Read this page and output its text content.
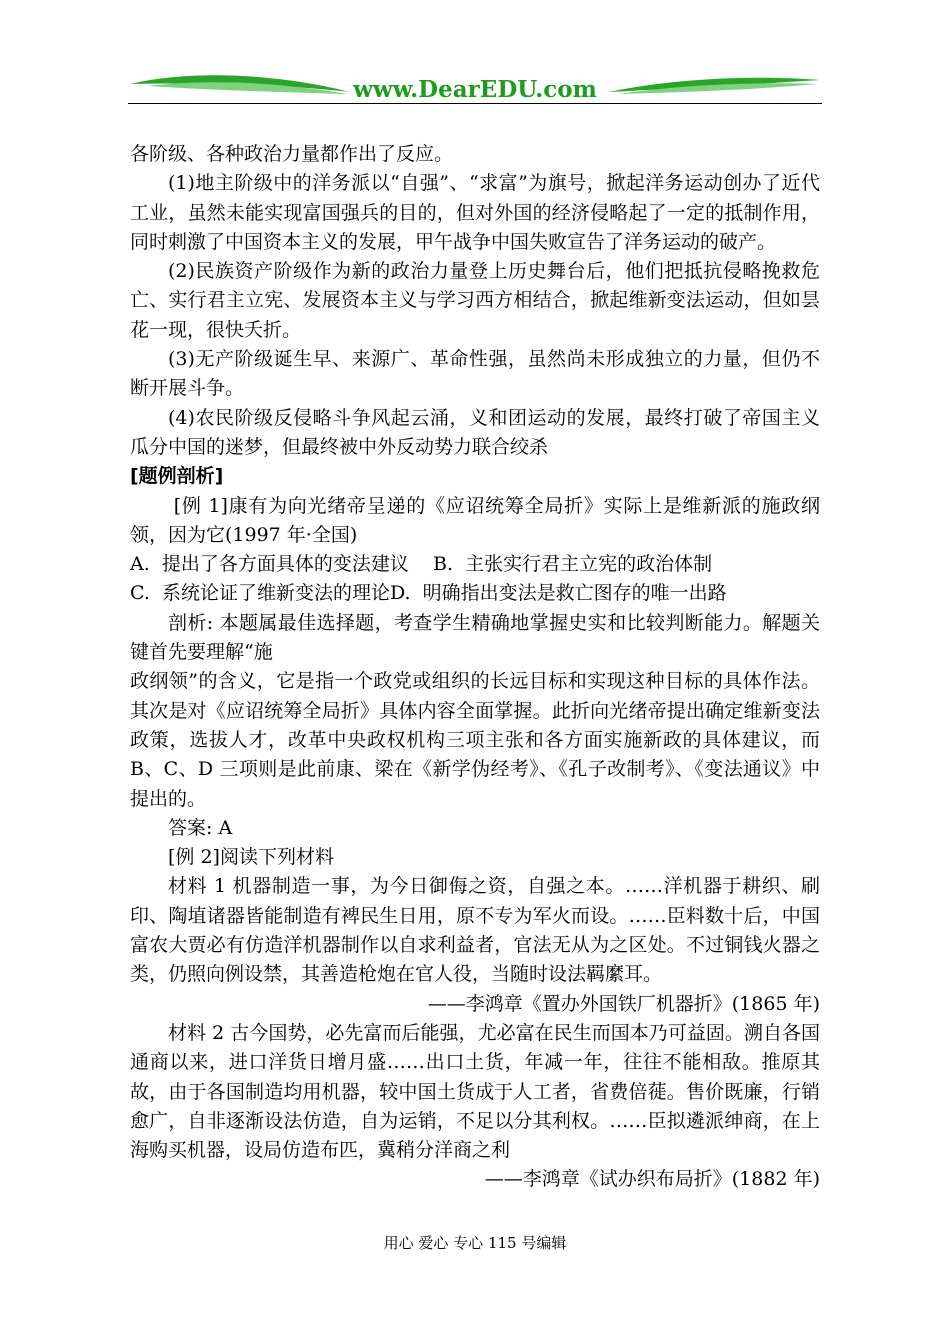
www.DearEDU.com

各阶级、各种政治力量都作出了反应。

(1)地主阶级中的洋务派以“自强”、“求富”为旗号，掀起洋务运动创办了近代工业，虽然未能实现富国强兵的目的，但对外国的经济侵略起了一定的抵制作用，同时刺激了中国资本主义的发展，甲午战争中国失败宣告了洋务运动的破产。

(2)民族资产阶级作为新的政治力量登上历史舞台后，他们把抵抗侵略挽救危亡、实行君主立宪、发展资本主义与学习西方相结合，掀起维新变法运动，但如昙花一现，很快夭折。

(3)无产阶级诞生早、来源广、革命性强，虽然尚未形成独立的力量，但仍不断开展斗争。

(4)农民阶级反侵略斗争风起云涌，义和团运动的发展，最终打破了帝国主义瓜分中国的迷梦，但最终被中外反动势力联合绞杀

[题例剖析]

[例 1]康有为向光绪帝呈递的《应诏统筹全局折》实际上是维新派的施政纲领，因为它(1997 年·全国)

A.  提出了各方面具体的变法建议 B.  主张实行君主立宪的政治体制

C.  系统论证了维新变法的理论D.  明确指出变法是救亡图存的唯一出路

剖析: 本题属最佳选择题，考查学生精确地掌握史实和比较判断能力。解题关键首先要理解“施

政纲领”的含义，它是指一个政党或组织的长远目标和实现这种目标的具体作法。其次是对《应诏统筹全局折》具体内容全面掌握。此折向光绪帝提出确定维新变法政策，选拔人才，改革中央政权机构三项主张和各方面实施新政的具体建议，而B、C、D 三项则是此前康、梁在《新学伪经考》、《孔子改制考》、《变法通议》中提出的。

答案: A

[例 2]阅读下列材料

材料 1 机器制造一事，为今日御侮之资，自强之本。……洋机器于耕织、刷印、陶埴诸器皆能制造有裨民生日用，原不专为军火而设。……臣料数十后，中国富农大贾必有仿造洋机器制作以自求利益者，官法无从为之区处。不过铜钱火器之类，仍照向例设禁，其善造枪炮在官人役，当随时设法羁縻耳。

——李鸿章《置办外国铁厂机器折》(1865 年)

材料 2 古今国势，必先富而后能强，尤必富在民生而国本乃可益固。溯自各国通商以来，进口洋货日增月盛……出口土货，年减一年，往往不能相敌。推原其故，由于各国制造均用机器，较中国土货成于人工者，省费倍蓰。售价既廉，行销愈广，自非逐渐设法仿造，自为运销，不足以分其利权。……臣拟遴派绅商，在上海购买机器，设局仿造布匹，冀稍分洋商之利

——李鸿章《试办织布局折》(1882 年)

用心 爱心 专心 115 号编辑
